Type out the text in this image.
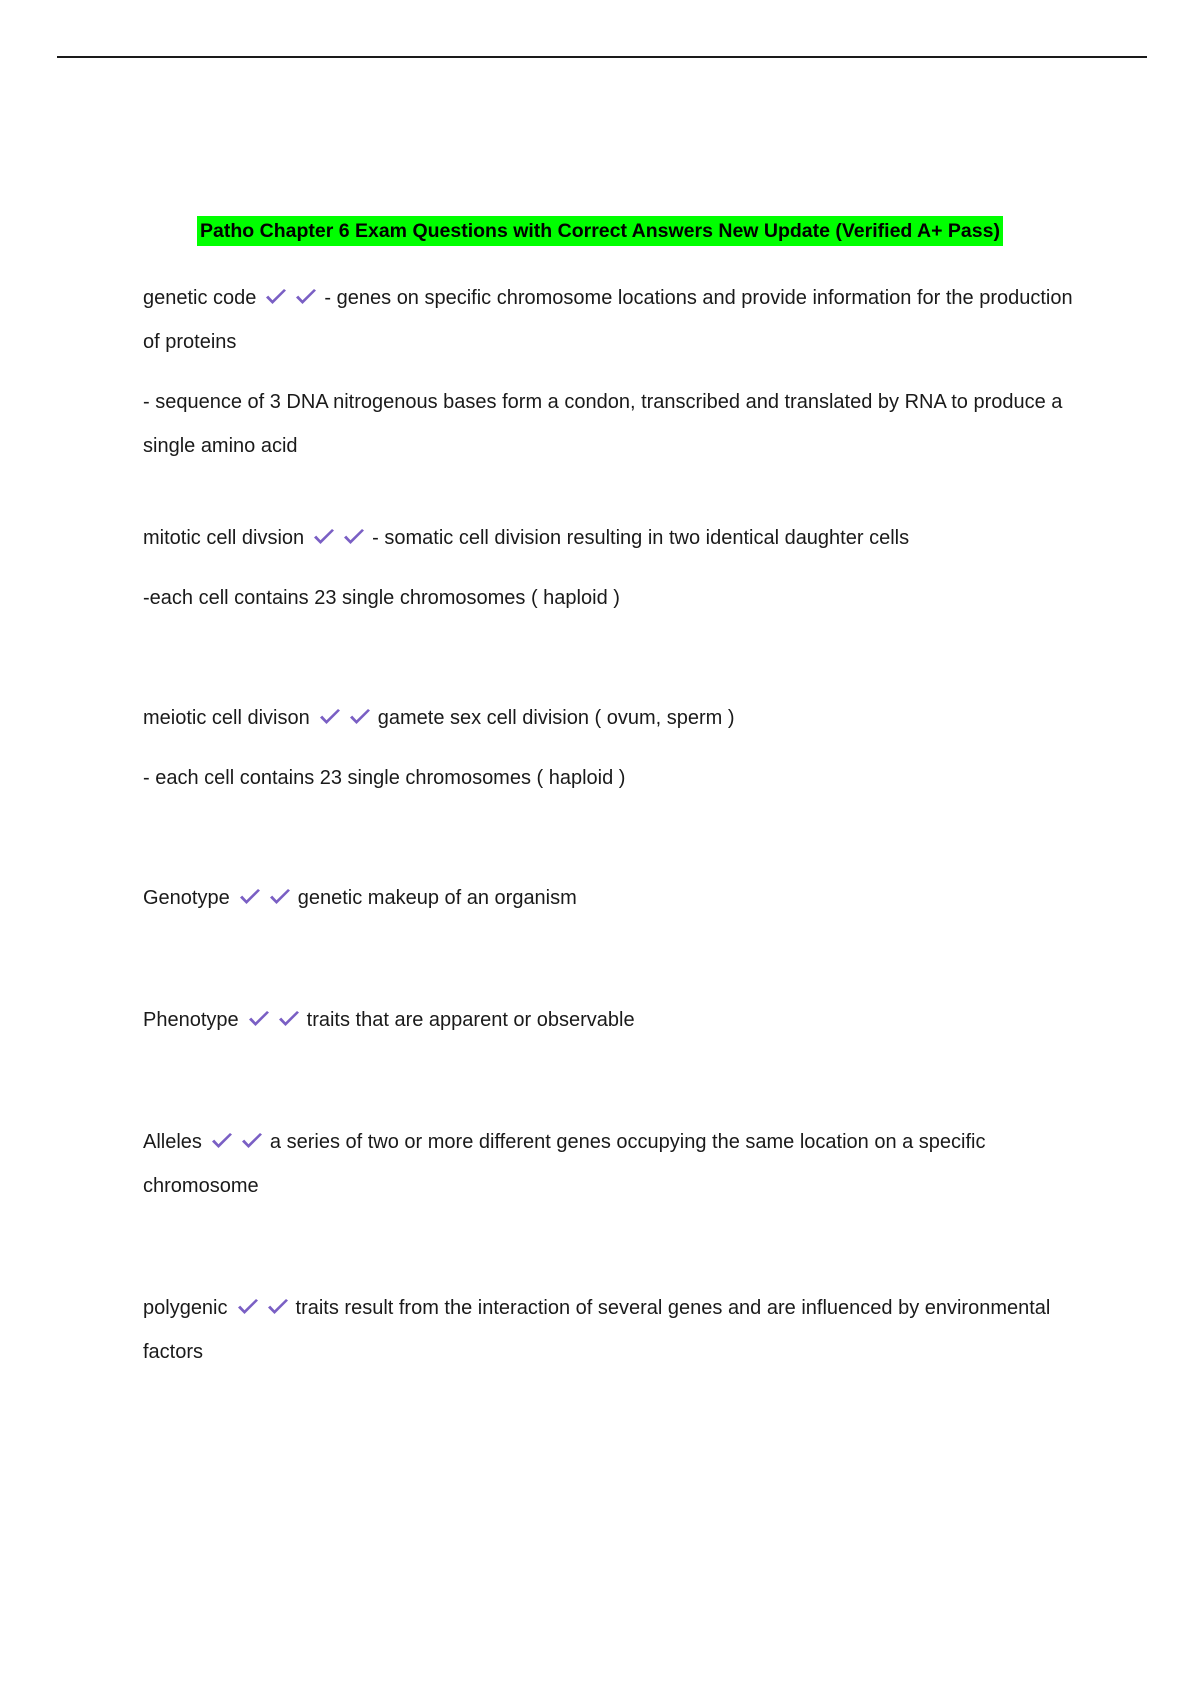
Patho Chapter 6 Exam Questions with Correct Answers New Update (Verified A+ Pass)

genetic code	- genes on specific chromosome locations and provide information for the production of proteins

- sequence of 3 DNA nitrogenous bases form a condon, transcribed and translated by RNA to produce a single amino acid

mitotic cell divsion	- somatic cell division resulting in two identical daughter cells

-each cell contains 23 single chromosomes ( haploid )

meiotic cell divison	gamete sex cell division ( ovum, sperm )

- each cell contains 23 single chromosomes ( haploid )

Genotype	genetic makeup of an organism

Phenotype	traits that are apparent or observable

Alleles	a series of two or more different genes occupying the same location on a specific chromosome

polygenic	traits result from the interaction of several genes and are influenced by environmental factors
